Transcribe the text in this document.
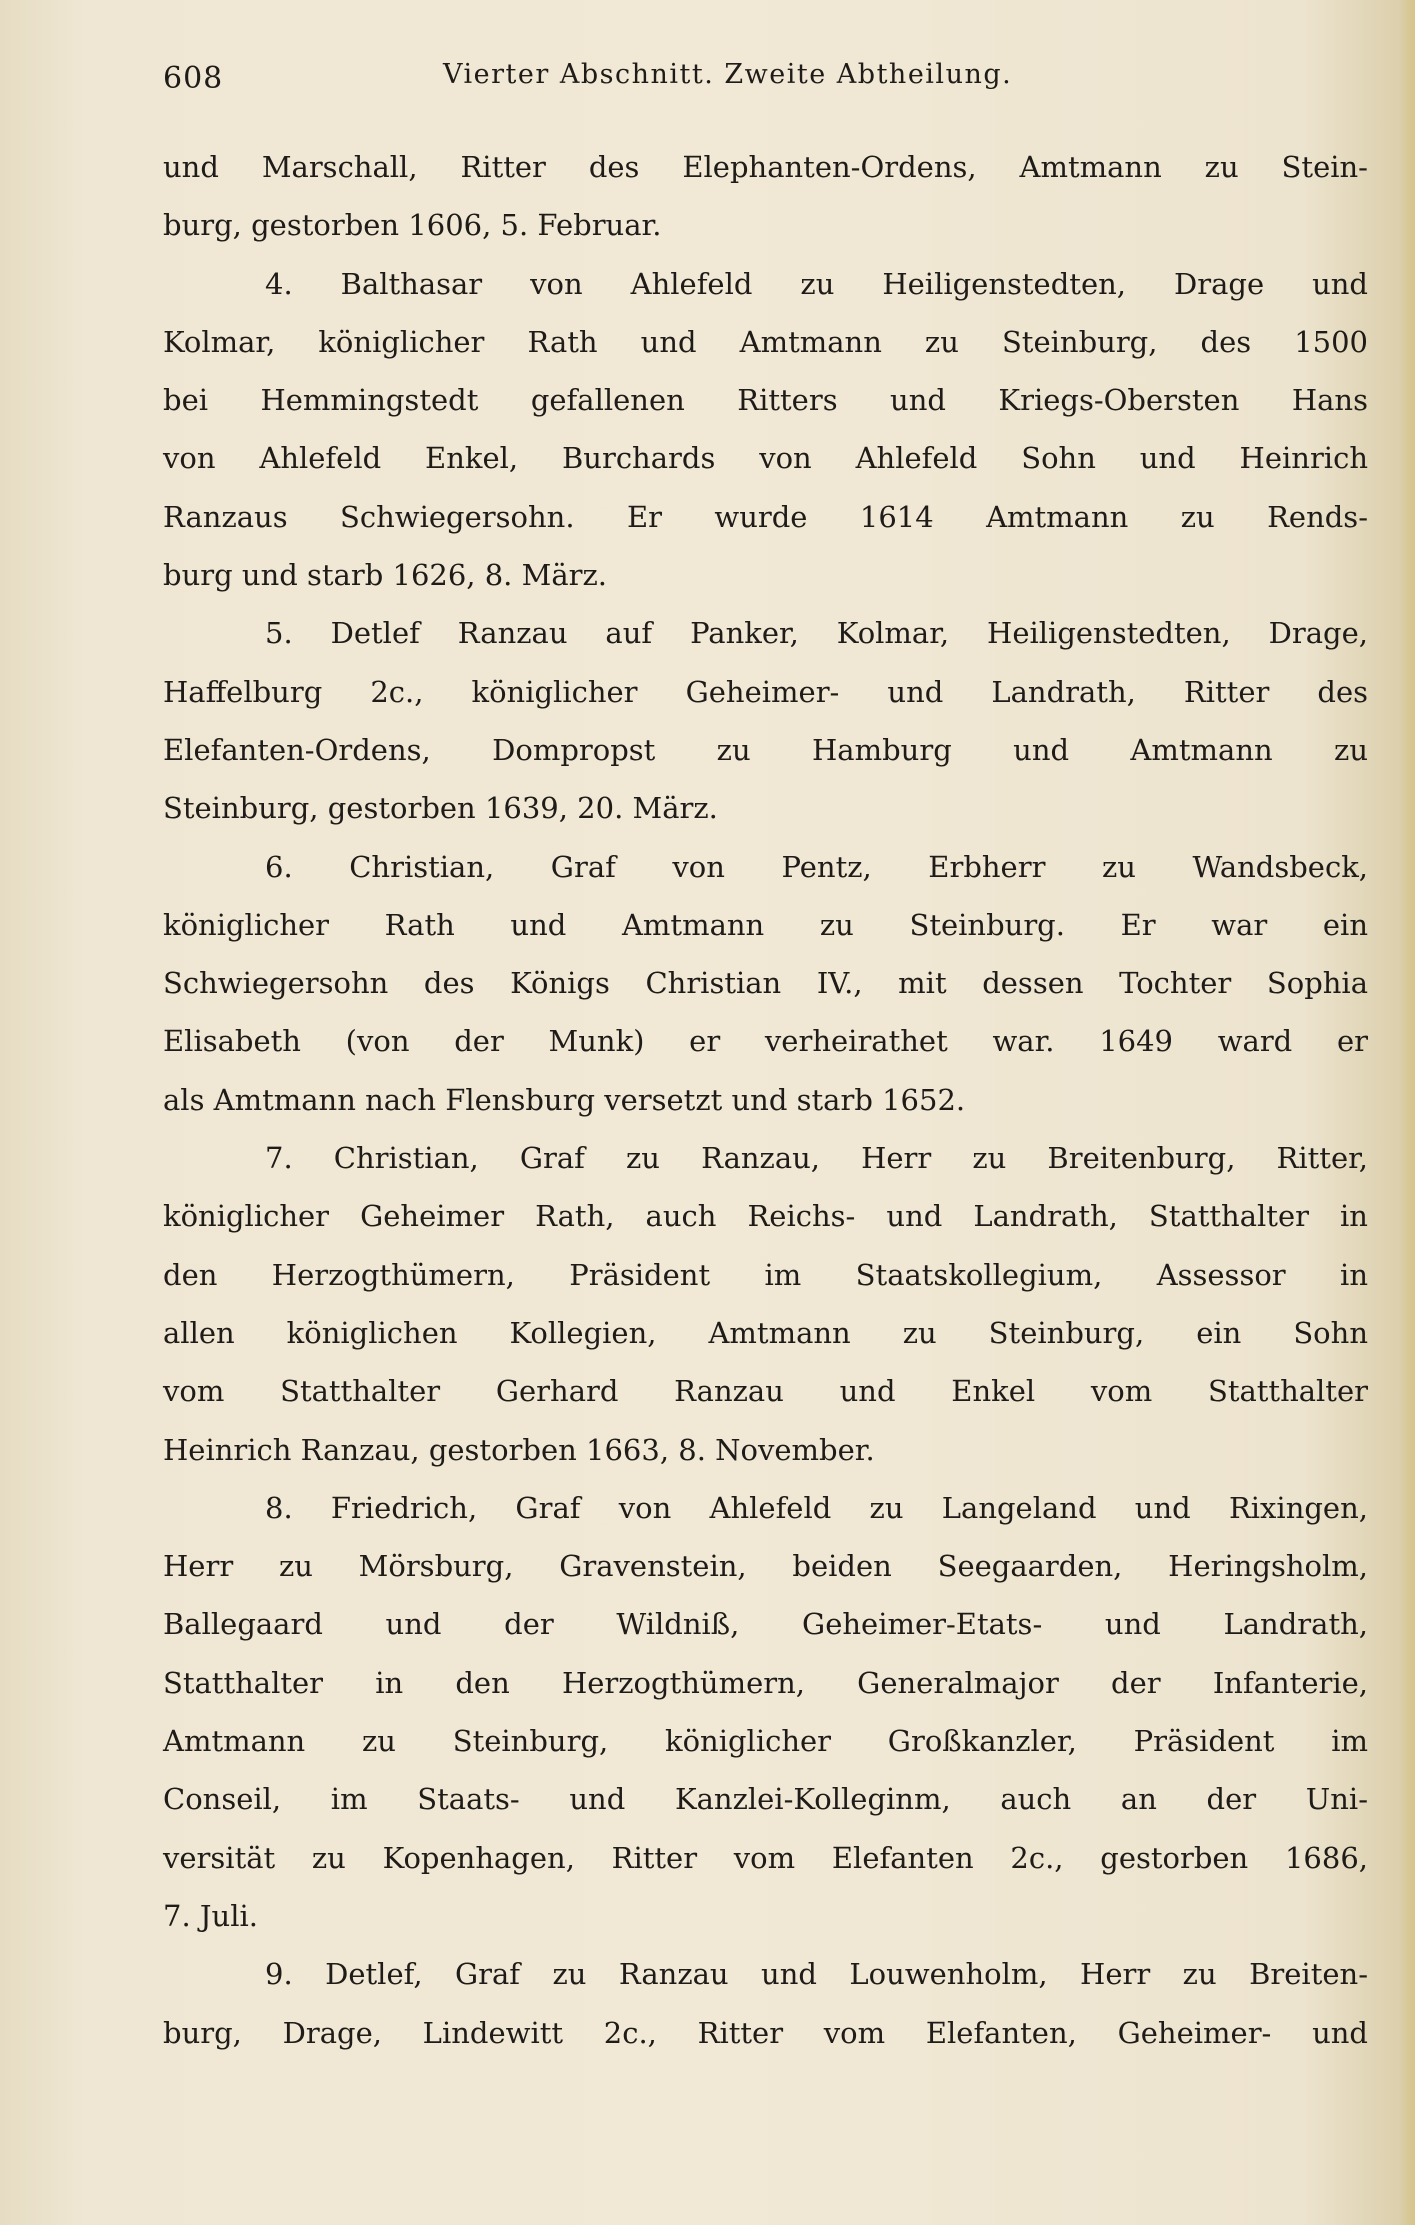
608	Vierter Abschnitt. Zweite Abtheilung.
und Marschall, Ritter des Elephanten-Ordens, Amtmann zu Stein-
burg, gestorben 1606, 5. Februar.
4. Balthasar von Ahlefeld zu Heiligenstedten, Drage und
Kolmar, königlicher Rath und Amtmann zu Steinburg, des 1500
bei Hemmingstedt gefallenen Ritters und Kriegs-Obersten Hans
von Ahlefeld Enkel, Burchards von Ahlefeld Sohn und Heinrich
Ranzaus Schwiegersohn. Er wurde 1614 Amtmann zu Rends-
burg und starb 1626, 8. März.
5. Detlef Ranzau auf Panker, Kolmar, Heiligenstedten, Drage,
Haffelburg 2c., königlicher Geheimer- und Landrath, Ritter des
Elefanten-Ordens, Dompropst zu Hamburg und Amtmann zu
Steinburg, gestorben 1639, 20. März.
6. Christian, Graf von Pentz, Erbherr zu Wandsbeck,
königlicher Rath und Amtmann zu Steinburg. Er war ein
Schwiegersohn des Königs Christian IV., mit dessen Tochter Sophia
Elisabeth (von der Munk) er verheirathet war. 1649 ward er
als Amtmann nach Flensburg versetzt und starb 1652.
7. Christian, Graf zu Ranzau, Herr zu Breitenburg, Ritter,
königlicher Geheimer Rath, auch Reichs- und Landrath, Statthalter in
den Herzogthümern, Präsident im Staatskollegium, Assessor in
allen königlichen Kollegien, Amtmann zu Steinburg, ein Sohn
vom Statthalter Gerhard Ranzau und Enkel vom Statthalter
Heinrich Ranzau, gestorben 1663, 8. November.
8. Friedrich, Graf von Ahlefeld zu Langeland und Rixingen,
Herr zu Mörsburg, Gravenstein, beiden Seegaarden, Heringsholm,
Ballegaard und der Wildniß, Geheimer-Etats- und Landrath,
Statthalter in den Herzogthümern, Generalmajor der Infanterie,
Amtmann zu Steinburg, königlicher Großkanzler, Präsident im
Conseil, im Staats- und Kanzlei-Kolleginm, auch an der Uni-
versität zu Kopenhagen, Ritter vom Elefanten 2c., gestorben 1686,
7. Juli.
9. Detlef, Graf zu Ranzau und Louwenholm, Herr zu Breiten-
burg, Drage, Lindewitt 2c., Ritter vom Elefanten, Geheimer- und
